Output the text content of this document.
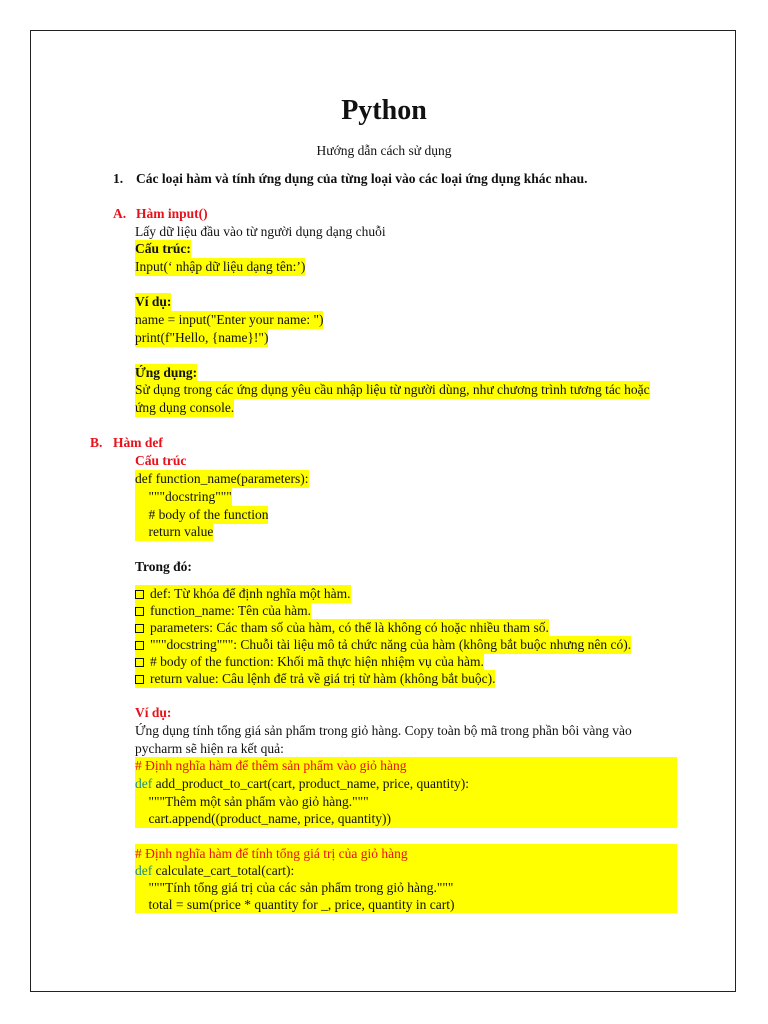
Python
Hướng dẫn cách sử dụng
1. Các loại hàm và tính ứng dụng của từng loại vào các loại ứng dụng khác nhau.
A. Hàm input()
Lấy dữ liệu đầu vào từ người dụng dạng chuỗi
Cấu trúc:
Input(‘ nhập dữ liệu dạng tên:’)
Ví dụ:
name = input("Enter your name: ")
print(f"Hello, {name}!")
Ứng dụng:
Sử dụng trong các ứng dụng yêu cầu nhập liệu từ người dùng, như chương trình tương tác hoặc
ứng dụng console.
B. Hàm def
Cấu trúc
def function_name(parameters):
"""docstring"""
# body of the function
return value
Trong đó:
def: Từ khóa để định nghĩa một hàm.
function_name: Tên của hàm.
parameters: Các tham số của hàm, có thể là không có hoặc nhiều tham số.
"""docstring""": Chuỗi tài liệu mô tả chức năng của hàm (không bắt buộc nhưng nên có).
# body of the function: Khối mã thực hiện nhiệm vụ của hàm.
return value: Câu lệnh để trả về giá trị từ hàm (không bắt buộc).
Ví dụ:
Ứng dụng tính tổng giá sản phẩm trong giỏ hàng. Copy toàn bộ mã trong phần bôi vàng vào
pycharm sẽ hiện ra kết quả:
# Định nghĩa hàm để thêm sản phẩm vào giỏ hàng
def add_product_to_cart(cart, product_name, price, quantity):
"""Thêm một sản phẩm vào giỏ hàng."""
cart.append((product_name, price, quantity))
# Định nghĩa hàm để tính tổng giá trị của giỏ hàng
def calculate_cart_total(cart):
"""Tính tổng giá trị của các sản phẩm trong giỏ hàng."""
total = sum(price * quantity for _, price, quantity in cart)
